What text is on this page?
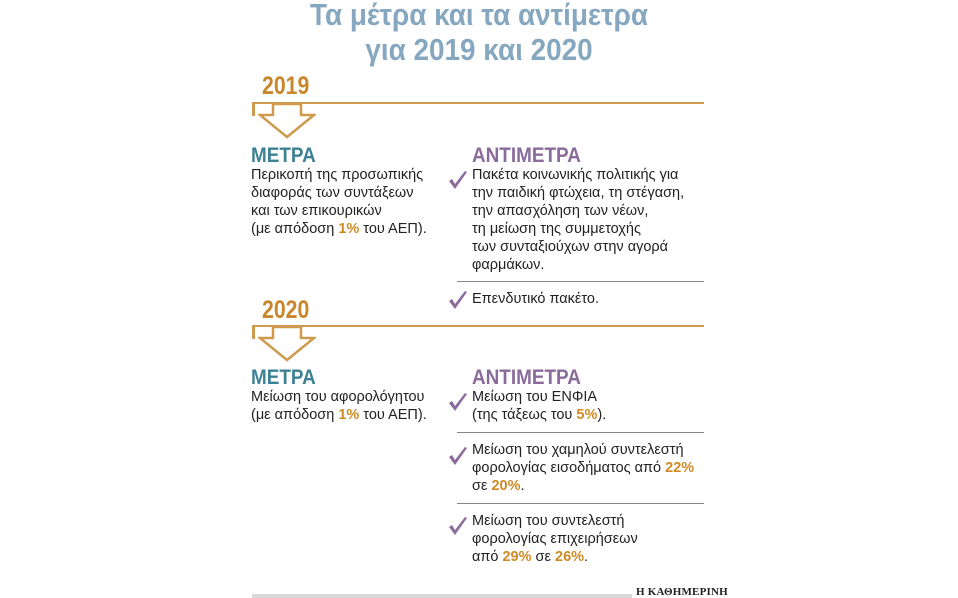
Τα μέτρα και τα αντίμετρα
για 2019 και 2020
2019
ΜΕΤΡΑ
Περικοπή της προσωπικής
διαφοράς των συντάξεων
και των επικουρικών
(με απόδοση 1% του ΑΕΠ).
ΑΝΤΙΜΕΤΡΑ
Πακέτα κοινωνικής πολιτικής για
την παιδική φτώχεια, τη στέγαση,
την απασχόληση των νέων,
τη μείωση της συμμετοχής
των συνταξιούχων στην αγορά
φαρμάκων.
Επενδυτικό πακέτο.
2020
ΜΕΤΡΑ
Μείωση του αφορολόγητου
(με απόδοση 1% του ΑΕΠ).
ΑΝΤΙΜΕΤΡΑ
Μείωση του ΕΝΦΙΑ
(της τάξεως του 5%).
Μείωση του χαμηλού συντελεστή
φορολογίας εισοδήματος από 22%
σε 20%.
Μείωση του συντελεστή
φορολογίας επιχειρήσεων
από 29% σε 26%.
Η ΚΑΘΗΜΕΡΙΝΗ
